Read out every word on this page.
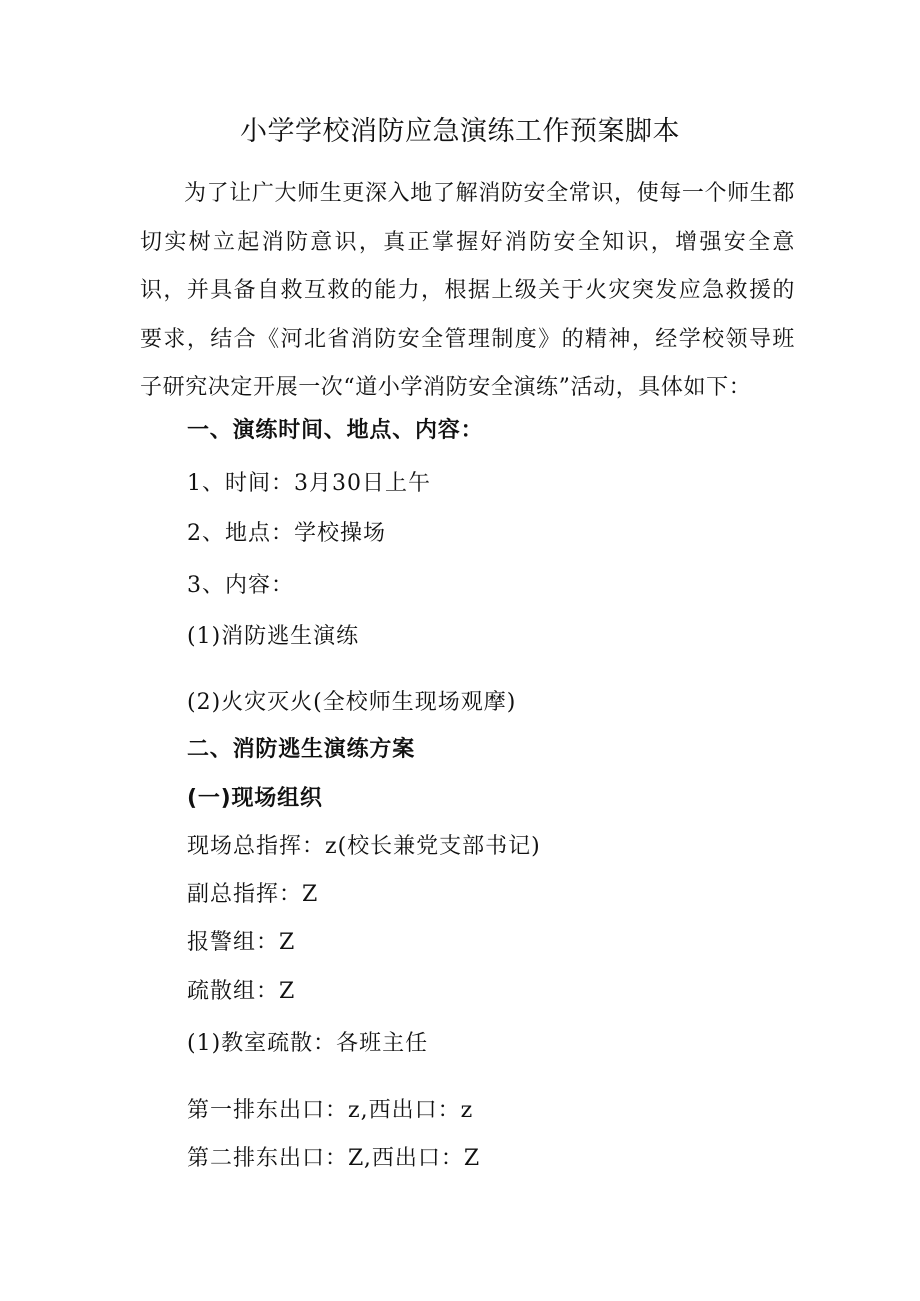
小学学校消防应急演练工作预案脚本

为了让广大师生更深入地了解消防安全常识，使每一个师生都切实树立起消防意识，真正掌握好消防安全知识，增强安全意识，并具备自救互救的能力，根据上级关于火灾突发应急救援的要求，结合《河北省消防安全管理制度》的精神，经学校领导班子研究决定开展一次“道小学消防安全演练”活动，具体如下：

一、演练时间、地点、内容：
1、时间：3月30日上午
2、地点：学校操场
3、内容：
(1)消防逃生演练
(2)火灾灭火(全校师生现场观摩)
二、消防逃生演练方案
(一)现场组织
现场总指挥：z(校长兼党支部书记)
副总指挥：Z
报警组：Z
疏散组：Z
(1)教室疏散：各班主任
第一排东出口：z,西出口：z
第二排东出口：Z,西出口：Z
